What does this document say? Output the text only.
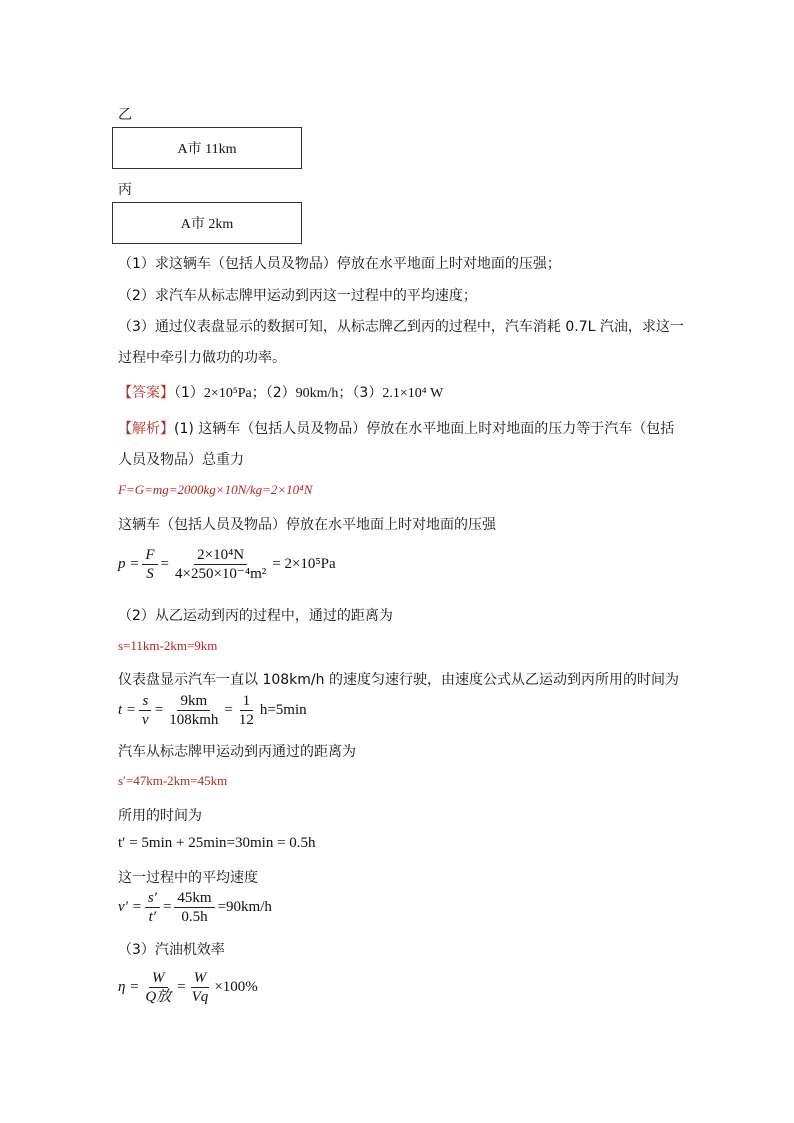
乙
A市 11km
丙
A市 2km
（1）求这辆车（包括人员及物品）停放在水平地面上时对地面的压强；
（2）求汽车从标志牌甲运动到丙这一过程中的平均速度；
（3）通过仪表盘显示的数据可知，从标志牌乙到丙的过程中，汽车消耗 0.7L 汽油，求这一
过程中牵引力做功的功率。
【答案】（1）2×10⁵Pa；（2）90km/h；（3）2.1×10⁴ W
【解析】(1) 这辆车（包括人员及物品）停放在水平地面上时对地面的压力等于汽车（包括
人员及物品）总重力
F=G=mg=2000kg×10N/kg=2×10⁴N
这辆车（包括人员及物品）停放在水平地面上时对地面的压强
$p = \frac{F}{S} = \frac{\text{2×10⁴N}}{\text{4×250×10⁻⁴m²}} = 2\times 10^5Pa$
（2）从乙运动到丙的过程中，通过的距离为
s=11km-2km=9km
仪表盘显示汽车一直以 108km/h 的速度匀速行驶，由速度公式从乙运动到丙所用的时间为
$t = \frac{s}{v} = \frac{9km}{\text{108kmh}} = \frac{1}{12} h=5\min$
汽车从标志牌甲运动到丙通过的距离为
s′=47km-2km=45km
所用的时间为
t′ = 5min + 25min=30min = 0.5h
这一过程中的平均速度
$v' = \frac{s'}{t'} = \frac{45km}{0.5h} =90km/h$
（3）汽油机效率
$\eta = \frac{W}{\text{Q放}} = \frac{W}{Vq} \times 100\%$
